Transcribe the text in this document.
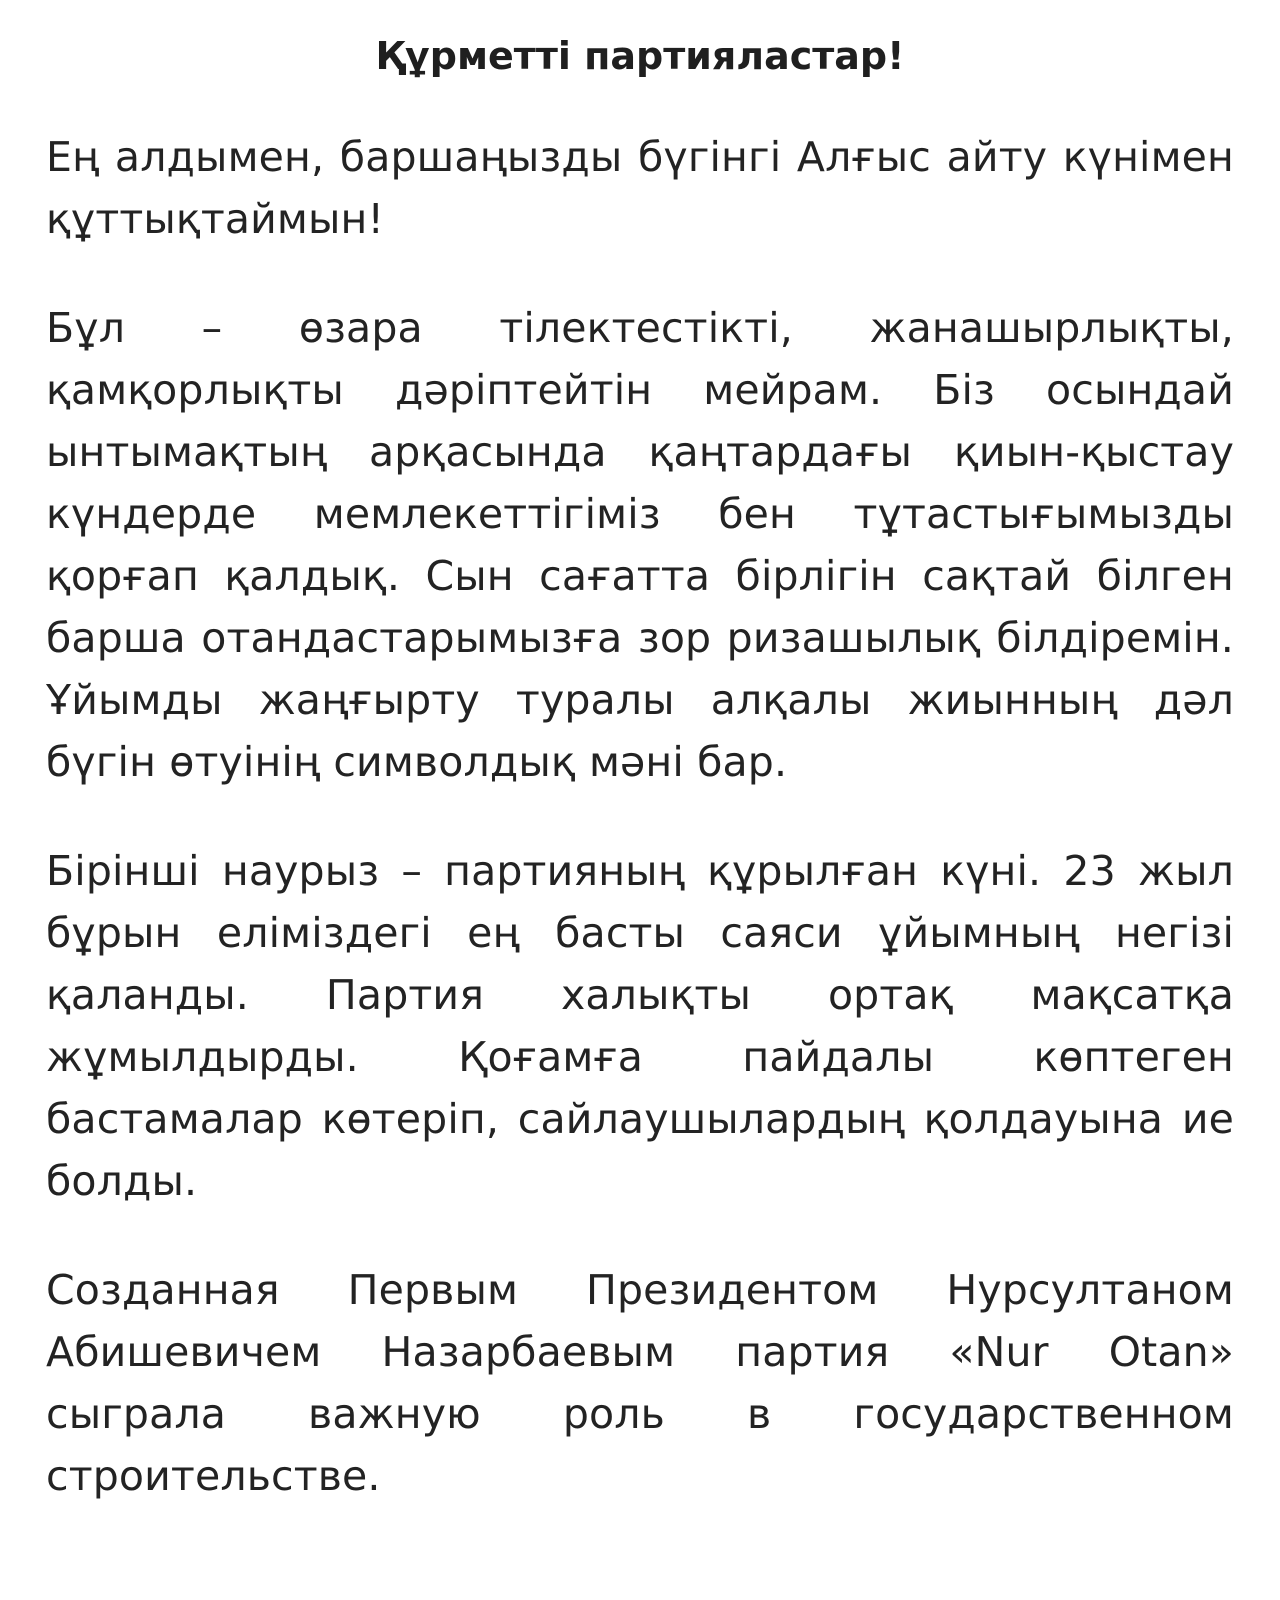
Құрметті партияластар!

Ең алдымен, баршаңызды бүгінгі Алғыс айту күнімен құттықтаймын!

Бұл – өзара тілектестікті, жанашырлықты, қамқорлықты дәріптейтін мейрам. Біз осындай ынтымақтың арқасында қаңтардағы қиын-қыстау күндерде мемлекеттігіміз бен тұтастығымызды қорғап қалдық. Сын сағатта бірлігін сақтай білген барша отандастарымызға зор ризашылық білдіремін. Ұйымды жаңғырту туралы алқалы жиынның дәл бүгін өтуінің символдық мәні бар.

Бірінші наурыз – партияның құрылған күні. 23 жыл бұрын еліміздегі ең басты саяси ұйымның негізі қаланды. Партия халықты ортақ мақсатқа жұмылдырды. Қоғамға пайдалы көптеген бастамалар көтеріп, сайлаушылардың қолдауына ие болды.

Созданная Первым Президентом Нурсултаном Абишевичем Назарбаевым партия «Nur Otan» сыграла важную роль в государственном строительстве.
